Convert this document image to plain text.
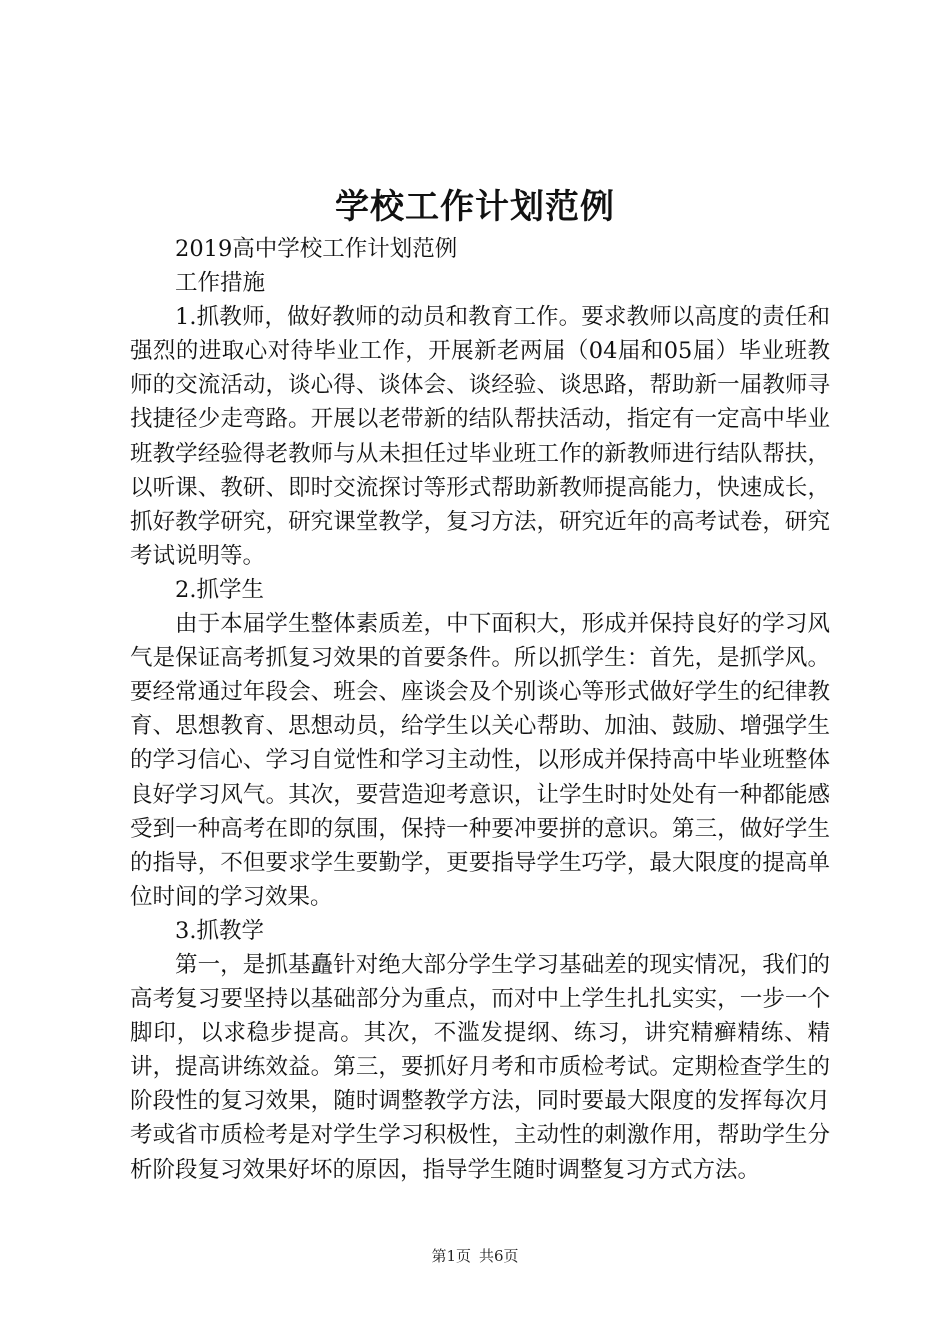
学校工作计划范例

2019高中学校工作计划范例

工作措施

1.抓教师，做好教师的动员和教育工作。要求教师以高度的责任和强烈的进取心对待毕业工作，开展新老两届（04届和05届）毕业班教师的交流活动，谈心得、谈体会、谈经验、谈思路，帮助新一届教师寻找捷径少走弯路。开展以老带新的结队帮扶活动，指定有一定高中毕业班教学经验得老教师与从未担任过毕业班工作的新教师进行结队帮扶，以听课、教研、即时交流探讨等形式帮助新教师提高能力，快速成长，抓好教学研究，研究课堂教学，复习方法，研究近年的高考试卷，研究考试说明等。

2.抓学生

由于本届学生整体素质差，中下面积大，形成并保持良好的学习风气是保证高考抓复习效果的首要条件。所以抓学生：首先，是抓学风。要经常通过年段会、班会、座谈会及个别谈心等形式做好学生的纪律教育、思想教育、思想动员，给学生以关心帮助、加油、鼓励、增强学生的学习信心、学习自觉性和学习主动性，以形成并保持高中毕业班整体良好学习风气。其次，要营造迎考意识，让学生时时处处有一种都能感受到一种高考在即的氛围，保持一种要冲要拼的意识。第三，做好学生的指导，不但要求学生要勤学，更要指导学生巧学，最大限度的提高单位时间的学习效果。

3.抓教学

第一，是抓基矗针对绝大部分学生学习基础差的现实情况，我们的高考复习要坚持以基础部分为重点，而对中上学生扎扎实实，一步一个脚印，以求稳步提高。其次，不滥发提纲、练习，讲究精癣精练、精讲，提高讲练效益。第三，要抓好月考和市质检考试。定期检查学生的阶段性的复习效果，随时调整教学方法，同时要最大限度的发挥每次月考或省市质检考是对学生学习积极性，主动性的刺激作用，帮助学生分析阶段复习效果好坏的原因，指导学生随时调整复习方式方法。

第1页 共6页
